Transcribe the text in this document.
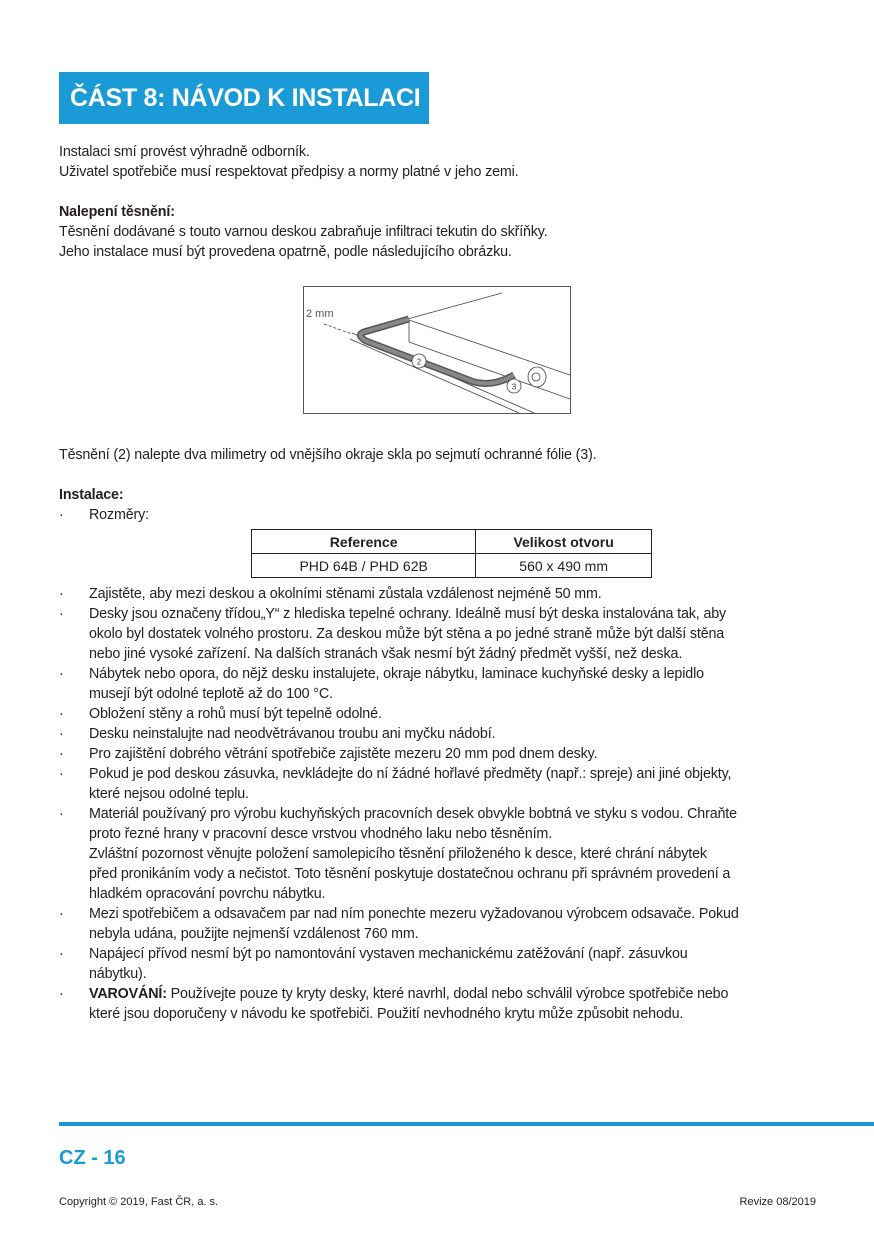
ČÁST 8: NÁVOD K INSTALACI
Instalaci smí provést výhradně odborník.
Uživatel spotřebiče musí respektovat předpisy a normy platné v jeho zemi.
Nalepení těsnění:
Těsnění dodávané s touto varnou deskou zabraňuje infiltraci tekutin do skříňky.
Jeho instalace musí být provedena opatrně, podle následujícího obrázku.
2
3
2 mm
Těsnění (2) nalepte dva milimetry od vnějšího okraje skla po sejmutí ochranné fólie (3).
Instalace:
· Rozměry:
Reference	Velikost otvoru
PHD 64B / PHD 62B	560 x 490 mm
· Zajistěte, aby mezi deskou a okolními stěnami zůstala vzdálenost nejméně 50 mm.
· Desky jsou označeny třídou„Y“ z hlediska tepelné ochrany. Ideálně musí být deska instalována tak, aby
okolo byl dostatek volného prostoru. Za deskou může být stěna a po jedné straně může být další stěna
nebo jiné vysoké zařízení. Na dalších stranách však nesmí být žádný předmět vyšší, než deska.
· Nábytek nebo opora, do nějž desku instalujete, okraje nábytku, laminace kuchyňské desky a lepidlo
musejí být odolné teplotě až do 100 °C.
· Obložení stěny a rohů musí být tepelně odolné.
· Desku neinstalujte nad neodvětrávanou troubu ani myčku nádobí.
· Pro zajištění dobrého větrání spotřebiče zajistěte mezeru 20 mm pod dnem desky.
· Pokud je pod deskou zásuvka, nevkládejte do ní žádné hořlavé předměty (např.: spreje) ani jiné objekty,
které nejsou odolné teplu.
· Materiál používaný pro výrobu kuchyňských pracovních desek obvykle bobtná ve styku s vodou. Chraňte
proto řezné hrany v pracovní desce vrstvou vhodného laku nebo těsněním.
Zvláštní pozornost věnujte položení samolepicího těsnění přiloženého k desce, které chrání nábytek
před pronikáním vody a nečistot. Toto těsnění poskytuje dostatečnou ochranu při správném provedení a
hladkém opracování povrchu nábytku.
· Mezi spotřebičem a odsavačem par nad ním ponechte mezeru vyžadovanou výrobcem odsavače. Pokud
nebyla udána, použijte nejmenší vzdálenost 760 mm.
· Napájecí přívod nesmí být po namontování vystaven mechanickému zatěžování (např. zásuvkou
nábytku).
· VAROVÁNÍ: Používejte pouze ty kryty desky, které navrhl, dodal nebo schválil výrobce spotřebiče nebo
které jsou doporučeny v návodu ke spotřebiči. Použití nevhodného krytu může způsobit nehodu.
CZ - 16
Copyright © 2019, Fast ČR, a. s.	Revize 08/2019
